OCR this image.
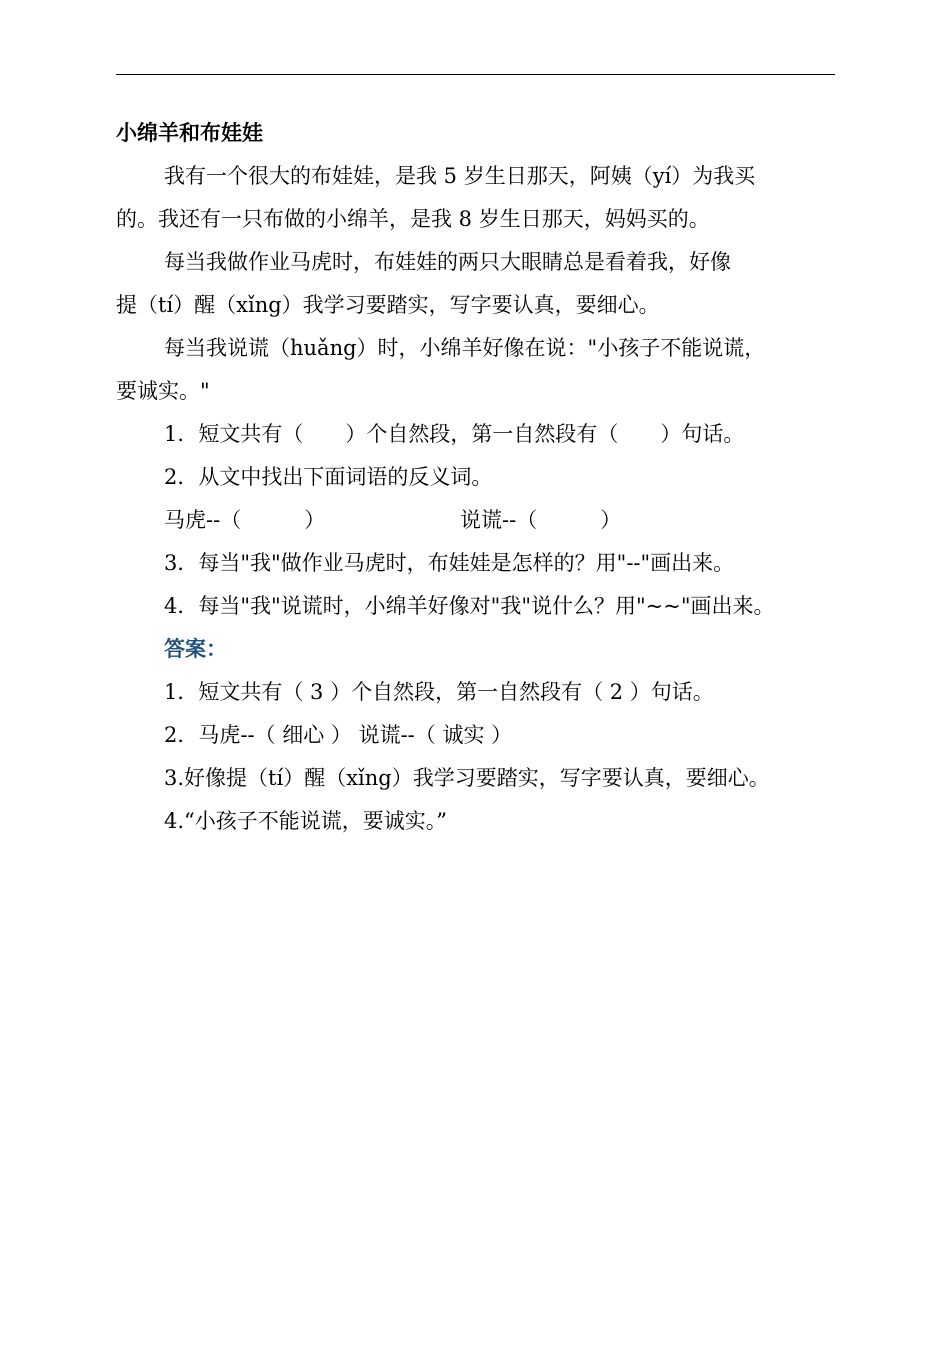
小绵羊和布娃娃
我有一个很大的布娃娃，是我 5 岁生日那天，阿姨（yí）为我买
的。我还有一只布做的小绵羊，是我 8 岁生日那天，妈妈买的。
每当我做作业马虎时，布娃娃的两只大眼睛总是看着我，好像
提（tí）醒（xǐng）我学习要踏实，写字要认真，要细心。
每当我说谎（huǎng）时，小绵羊好像在说："小孩子不能说谎，
要诚实。"
1．短文共有（　　）个自然段，第一自然段有（　　）句话。
2．从文中找出下面词语的反义词。
马虎--（　　　）	说谎--（　　　）
3．每当"我"做作业马虎时，布娃娃是怎样的？用"--"画出来。
4．每当"我"说谎时，小绵羊好像对"我"说什么？用"~~"画出来。
答案：
1．短文共有（ 3 ）个自然段，第一自然段有（ 2 ）句话。
2．马虎--（ 细心 ） 说谎--（ 诚实 ）
3.好像提（tí）醒（xǐng）我学习要踏实，写字要认真，要细心。
4.“小孩子不能说谎，要诚实。”
